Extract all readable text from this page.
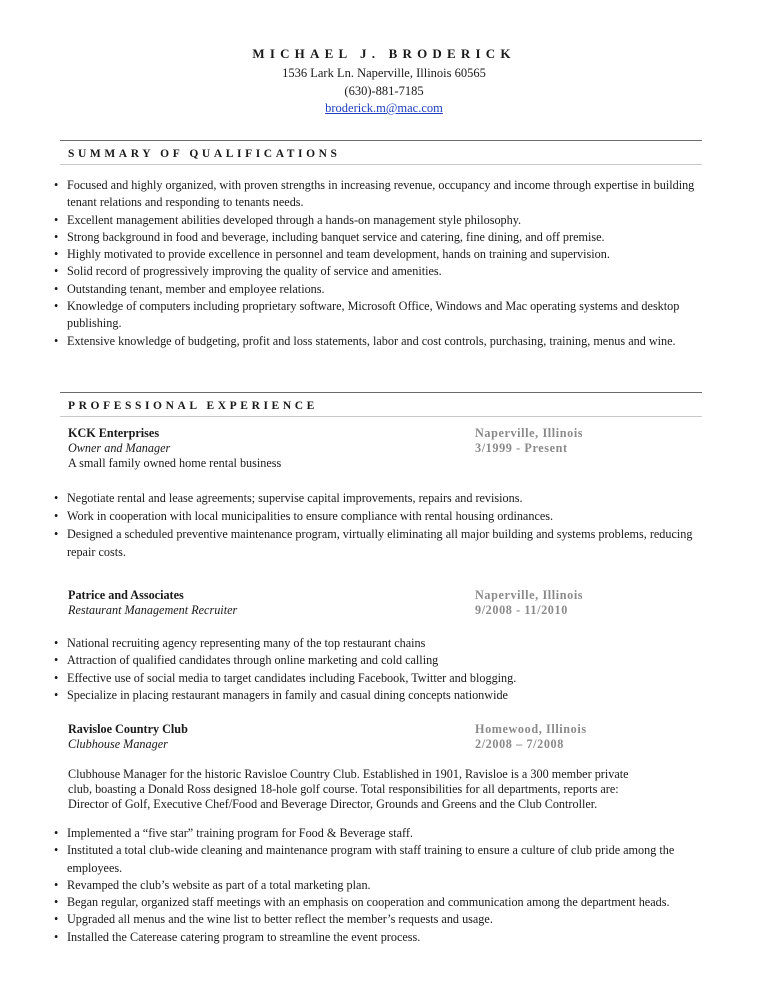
MICHAEL J. BRODERICK
1536 Lark Ln. Naperville, Illinois 60565
(630)-881-7185
broderick.m@mac.com
SUMMARY OF QUALIFICATIONS
• Focused and highly organized, with proven strengths in increasing revenue, occupancy and income through expertise in building tenant relations and responding to tenants needs.
• Excellent management abilities developed through a hands-on management style philosophy.
• Strong background in food and beverage, including banquet service and catering, fine dining, and off premise.
• Highly motivated to provide excellence in personnel and team development, hands on training and supervision.
• Solid record of progressively improving the quality of service and amenities.
• Outstanding tenant, member and employee relations.
• Knowledge of computers including proprietary software, Microsoft Office, Windows and Mac operating systems and desktop publishing.
• Extensive knowledge of budgeting, profit and loss statements, labor and cost controls, purchasing, training, menus and wine.
PROFESSIONAL EXPERIENCE
KCK Enterprises	Naperville, Illinois
Owner and Manager	3/1999 - Present
A small family owned home rental business
• Negotiate rental and lease agreements; supervise capital improvements, repairs and revisions.
• Work in cooperation with local municipalities to ensure compliance with rental housing ordinances.
• Designed a scheduled preventive maintenance program, virtually eliminating all major building and systems problems, reducing repair costs.
Patrice and Associates	Naperville, Illinois
Restaurant Management Recruiter	9/2008 - 11/2010
• National recruiting agency representing many of the top restaurant chains
• Attraction of qualified candidates through online marketing and cold calling
• Effective use of social media to target candidates including Facebook, Twitter and blogging.
• Specialize in placing restaurant managers in family and casual dining concepts nationwide
Ravisloe Country Club	Homewood, Illinois
Clubhouse Manager	2/2008 – 7/2008
Clubhouse Manager for the historic Ravisloe Country Club. Established in 1901, Ravisloe is a 300 member private
club, boasting a Donald Ross designed 18-hole golf course. Total responsibilities for all departments, reports are:
Director of Golf, Executive Chef/Food and Beverage Director, Grounds and Greens and the Club Controller.
• Implemented a “five star” training program for Food & Beverage staff.
• Instituted a total club-wide cleaning and maintenance program with staff training to ensure a culture of club pride among the employees.
• Revamped the club’s website as part of a total marketing plan.
• Began regular, organized staff meetings with an emphasis on cooperation and communication among the department heads.
• Upgraded all menus and the wine list to better reflect the member’s requests and usage.
• Installed the Caterease catering program to streamline the event process.
